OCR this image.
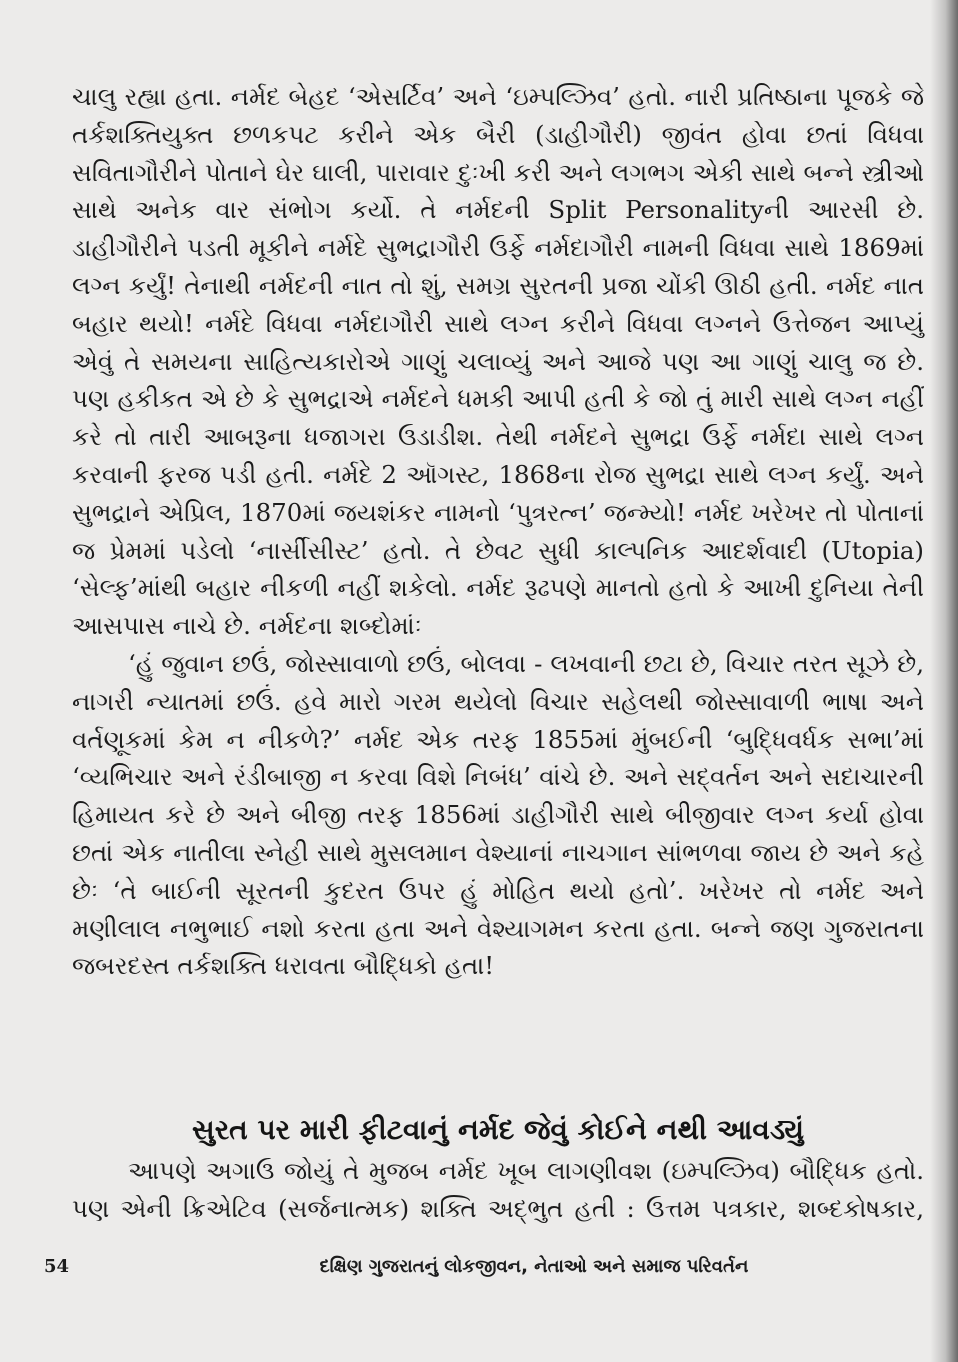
ચાલુ રહ્યા હતા. નર્મદ બેહદ ‘એસર્ટિવ’ અને ‘ઇમ્પલ્ઝિવ’ હતો. નારી પ્રતિષ્ઠાના પૂજકે જે તર્કશક્તિયુક્ત છળકપટ કરીને એક બૈરી (ડાહીગૌરી) જીવંત હોવા છતાં વિધવા સવિતાગૌરીને પોતાને ઘેર ઘાલી, પારાવાર દુઃખી કરી અને લગભગ એકી સાથે બન્ને સ્ત્રીઓ સાથે અનેક વાર સંભોગ કર્યો. તે નર્મદની Split Personalityની આરસી છે. ડાહીગૌરીને પડતી મૂકીને નર્મદે સુભદ્રાગૌરી ઉર્ફે નર્મદાગૌરી નામની વિધવા સાથે 1869માં લગ્ન કર્યું! તેનાથી નર્મદની નાત તો શું, સમગ્ર સુરતની પ્રજા ચોંકી ઊઠી હતી. નર્મદ નાત બહાર થયો! નર્મદે વિધવા નર્મદાગૌરી સાથે લગ્ન કરીને વિધવા લગ્નને ઉત્તેજન આપ્યું એવું તે સમયના સાહિત્યકારોએ ગાણું ચલાવ્યું અને આજે પણ આ ગાણું ચાલુ જ છે. પણ હકીકત એ છે કે સુભદ્રાએ નર્મદને ધમકી આપી હતી કે જો તું મારી સાથે લગ્ન નહીં કરે તો તારી આબરૂના ધજાગરા ઉડાડીશ. તેથી નર્મદને સુભદ્રા ઉર્ફે નર્મદા સાથે લગ્ન કરવાની ફરજ પડી હતી. નર્મદે 2 ઑગસ્ટ, 1868ના રોજ સુભદ્રા સાથે લગ્ન કર્યું. અને સુભદ્રાને એપ્રિલ, 1870માં જયશંકર નામનો ‘પુત્રરત્ન’ જન્મ્યો! નર્મદ ખરેખર તો પોતાનાં જ પ્રેમમાં પડેલો ‘નાર્સીસીસ્ટ’ હતો. તે છેવટ સુધી કાલ્પનિક આદર્શવાદી (Utopia) ‘સેલ્ફ’માંથી બહાર નીકળી નહીં શકેલો. નર્મદ રૂઢપણે માનતો હતો કે આખી દુનિયા તેની આસપાસ નાચે છે. નર્મદના શબ્દોમાંઃ

‘હું જુવાન છઉં, જોસ્સાવાળો છઉં, બોલવા - લખવાની છટા છે, વિચાર તરત સૂઝે છે, નાગરી ન્યાતમાં છઉં. હવે મારો ગરમ થયેલો વિચાર સહેલથી જોસ્સાવાળી ભાષા અને વર્તણૂકમાં કેમ ન નીકળે?’ નર્મદ એક તરફ 1855માં મુંબઈની ‘બુદ્ધિવર્ધક સભા’માં ‘વ્યભિચાર અને રંડીબાજી ન કરવા વિશે નિબંધ’ વાંચે છે. અને સદ્‌વર્તન અને સદાચારની હિમાયત કરે છે અને બીજી તરફ 1856માં ડાહીગૌરી સાથે બીજીવાર લગ્ન કર્યા હોવા છતાં એક નાતીલા સ્નેહી સાથે મુસલમાન વેશ્યાનાં નાચગાન સાંભળવા જાય છે અને કહે છેઃ ‘તે બાઈની સૂરતની કુદરત ઉપર હું મોહિત થયો હતો’. ખરેખર તો નર્મદ અને મણીલાલ નભુભાઈ નશો કરતા હતા અને વેશ્યાગમન કરતા હતા. બન્ને જણ ગુજરાતના જબરદસ્ત તર્કશક્તિ ધરાવતા બૌદ્ધિકો હતા!

સુરત પર મારી ફીટવાનું નર્મદ જેવું કોઈને નથી આવડ્યું

આપણે અગાઉ જોયું તે મુજબ નર્મદ ખૂબ લાગણીવશ (ઇમ્પલ્ઝિવ) બૌદ્ધિક હતો. પણ એની ક્રિએટિવ (સર્જનાત્મક) શક્તિ અદ્‌ભુત હતી : ઉત્તમ પત્રકાર, શબ્દકોષકાર,

54	દક્ષિણ ગુજરાતનું લોકજીવન, નેતાઓ અને સમાજ પરિવર્તન
